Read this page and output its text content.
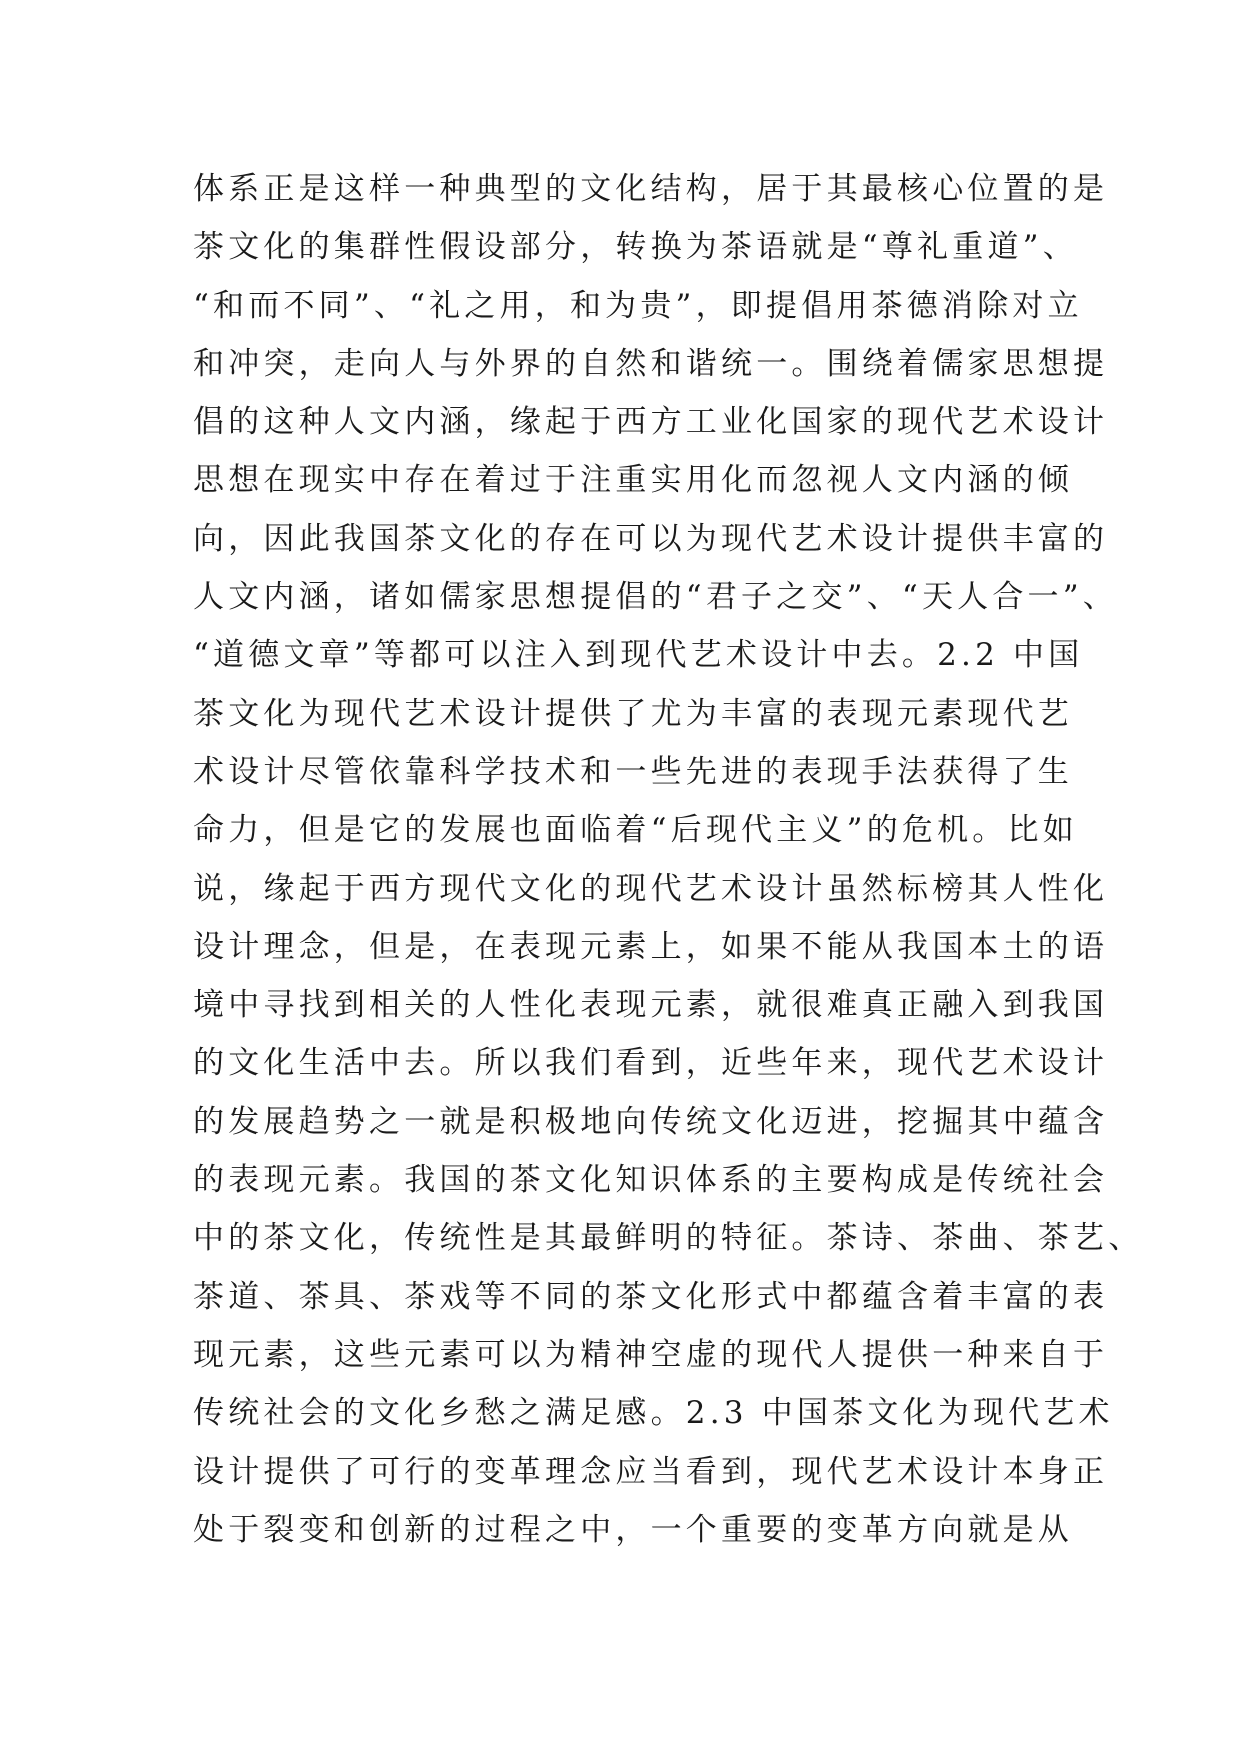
体系正是这样一种典型的文化结构，居于其最核心位置的是
茶文化的集群性假设部分，转换为茶语就是“尊礼重道”、
“和而不同”、“礼之用，和为贵”，即提倡用茶德消除对立
和冲突，走向人与外界的自然和谐统一。围绕着儒家思想提
倡的这种人文内涵，缘起于西方工业化国家的现代艺术设计
思想在现实中存在着过于注重实用化而忽视人文内涵的倾
向，因此我国茶文化的存在可以为现代艺术设计提供丰富的
人文内涵，诸如儒家思想提倡的“君子之交”、“天人合一”、
“道德文章”等都可以注入到现代艺术设计中去。2.2 中国
茶文化为现代艺术设计提供了尤为丰富的表现元素现代艺
术设计尽管依靠科学技术和一些先进的表现手法获得了生
命力，但是它的发展也面临着“后现代主义”的危机。比如
说，缘起于西方现代文化的现代艺术设计虽然标榜其人性化
设计理念，但是，在表现元素上，如果不能从我国本土的语
境中寻找到相关的人性化表现元素，就很难真正融入到我国
的文化生活中去。所以我们看到，近些年来，现代艺术设计
的发展趋势之一就是积极地向传统文化迈进，挖掘其中蕴含
的表现元素。我国的茶文化知识体系的主要构成是传统社会
中的茶文化，传统性是其最鲜明的特征。茶诗、茶曲、茶艺、
茶道、茶具、茶戏等不同的茶文化形式中都蕴含着丰富的表
现元素，这些元素可以为精神空虚的现代人提供一种来自于
传统社会的文化乡愁之满足感。2.3 中国茶文化为现代艺术
设计提供了可行的变革理念应当看到，现代艺术设计本身正
处于裂变和创新的过程之中，一个重要的变革方向就是从
